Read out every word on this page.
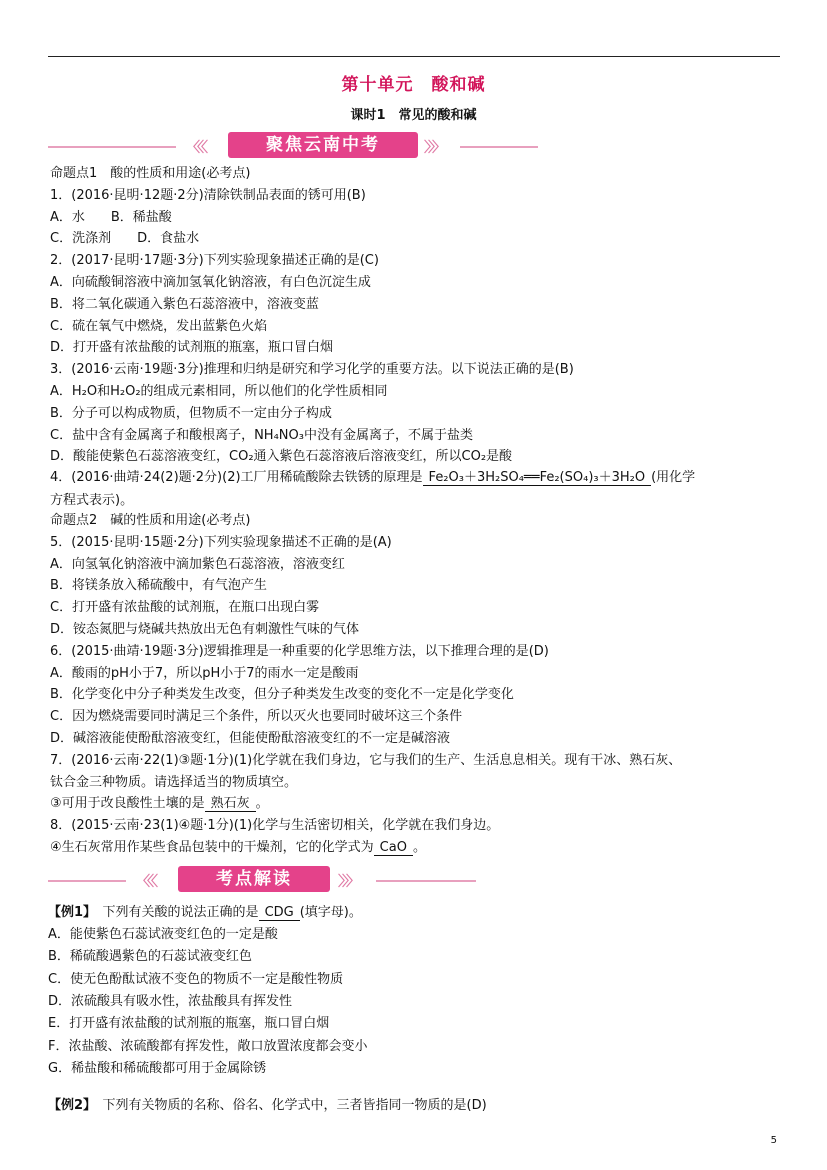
第十单元　酸和碱
课时1　常见的酸和碱
〈〈〈	聚焦云南中考	〉〉〉
命题点1　酸的性质和用途(必考点)
1．(2016·昆明·12题·2分)清除铁制品表面的锈可用(B)
A．水　　B．稀盐酸
C．洗涤剂　　D．食盐水
2．(2017·昆明·17题·3分)下列实验现象描述正确的是(C)
A．向硫酸铜溶液中滴加氢氧化钠溶液，有白色沉淀生成
B．将二氧化碳通入紫色石蕊溶液中，溶液变蓝
C．硫在氧气中燃烧，发出蓝紫色火焰
D．打开盛有浓盐酸的试剂瓶的瓶塞，瓶口冒白烟
3．(2016·云南·19题·3分)推理和归纳是研究和学习化学的重要方法。以下说法正确的是(B)
A．H₂O和H₂O₂的组成元素相同，所以他们的化学性质相同
B．分子可以构成物质，但物质不一定由分子构成
C．盐中含有金属离子和酸根离子，NH₄NO₃中没有金属离子，不属于盐类
D．酸能使紫色石蕊溶液变红，CO₂通入紫色石蕊溶液后溶液变红，所以CO₂是酸
4．(2016·曲靖·24(2)题·2分)(2)工厂用稀硫酸除去铁锈的原理是 Fe₂O₃＋3H₂SO₄══Fe₂(SO₄)₃＋3H₂O (用化学
方程式表示)。
命题点2　碱的性质和用途(必考点)
5．(2015·昆明·15题·2分)下列实验现象描述不正确的是(A)
A．向氢氧化钠溶液中滴加紫色石蕊溶液，溶液变红
B．将镁条放入稀硫酸中，有气泡产生
C．打开盛有浓盐酸的试剂瓶，在瓶口出现白雾
D．铵态氮肥与烧碱共热放出无色有刺激性气味的气体
6．(2015·曲靖·19题·3分)逻辑推理是一种重要的化学思维方法，以下推理合理的是(D)
A．酸雨的pH小于7，所以pH小于7的雨水一定是酸雨
B．化学变化中分子种类发生改变，但分子种类发生改变的变化不一定是化学变化
C．因为燃烧需要同时满足三个条件，所以灭火也要同时破坏这三个条件
D．碱溶液能使酚酞溶液变红，但能使酚酞溶液变红的不一定是碱溶液
7．(2016·云南·22(1)③题·1分)(1)化学就在我们身边，它与我们的生产、生活息息相关。现有干冰、熟石灰、
钛合金三种物质。请选择适当的物质填空。
③可用于改良酸性土壤的是 熟石灰 。
8．(2015·云南·23(1)④题·1分)(1)化学与生活密切相关，化学就在我们身边。
④生石灰常用作某些食品包装中的干燥剂，它的化学式为 CaO 。
〈〈〈	考点解读	〉〉〉
【例1】　下列有关酸的说法正确的是 CDG (填字母)。
A．能使紫色石蕊试液变红色的一定是酸
B．稀硫酸遇紫色的石蕊试液变红色
C．使无色酚酞试液不变色的物质不一定是酸性物质
D．浓硫酸具有吸水性，浓盐酸具有挥发性
E．打开盛有浓盐酸的试剂瓶的瓶塞，瓶口冒白烟
F．浓盐酸、浓硫酸都有挥发性，敞口放置浓度都会变小
G．稀盐酸和稀硫酸都可用于金属除锈
【例2】　下列有关物质的名称、俗名、化学式中，三者皆指同一物质的是(D)
5
